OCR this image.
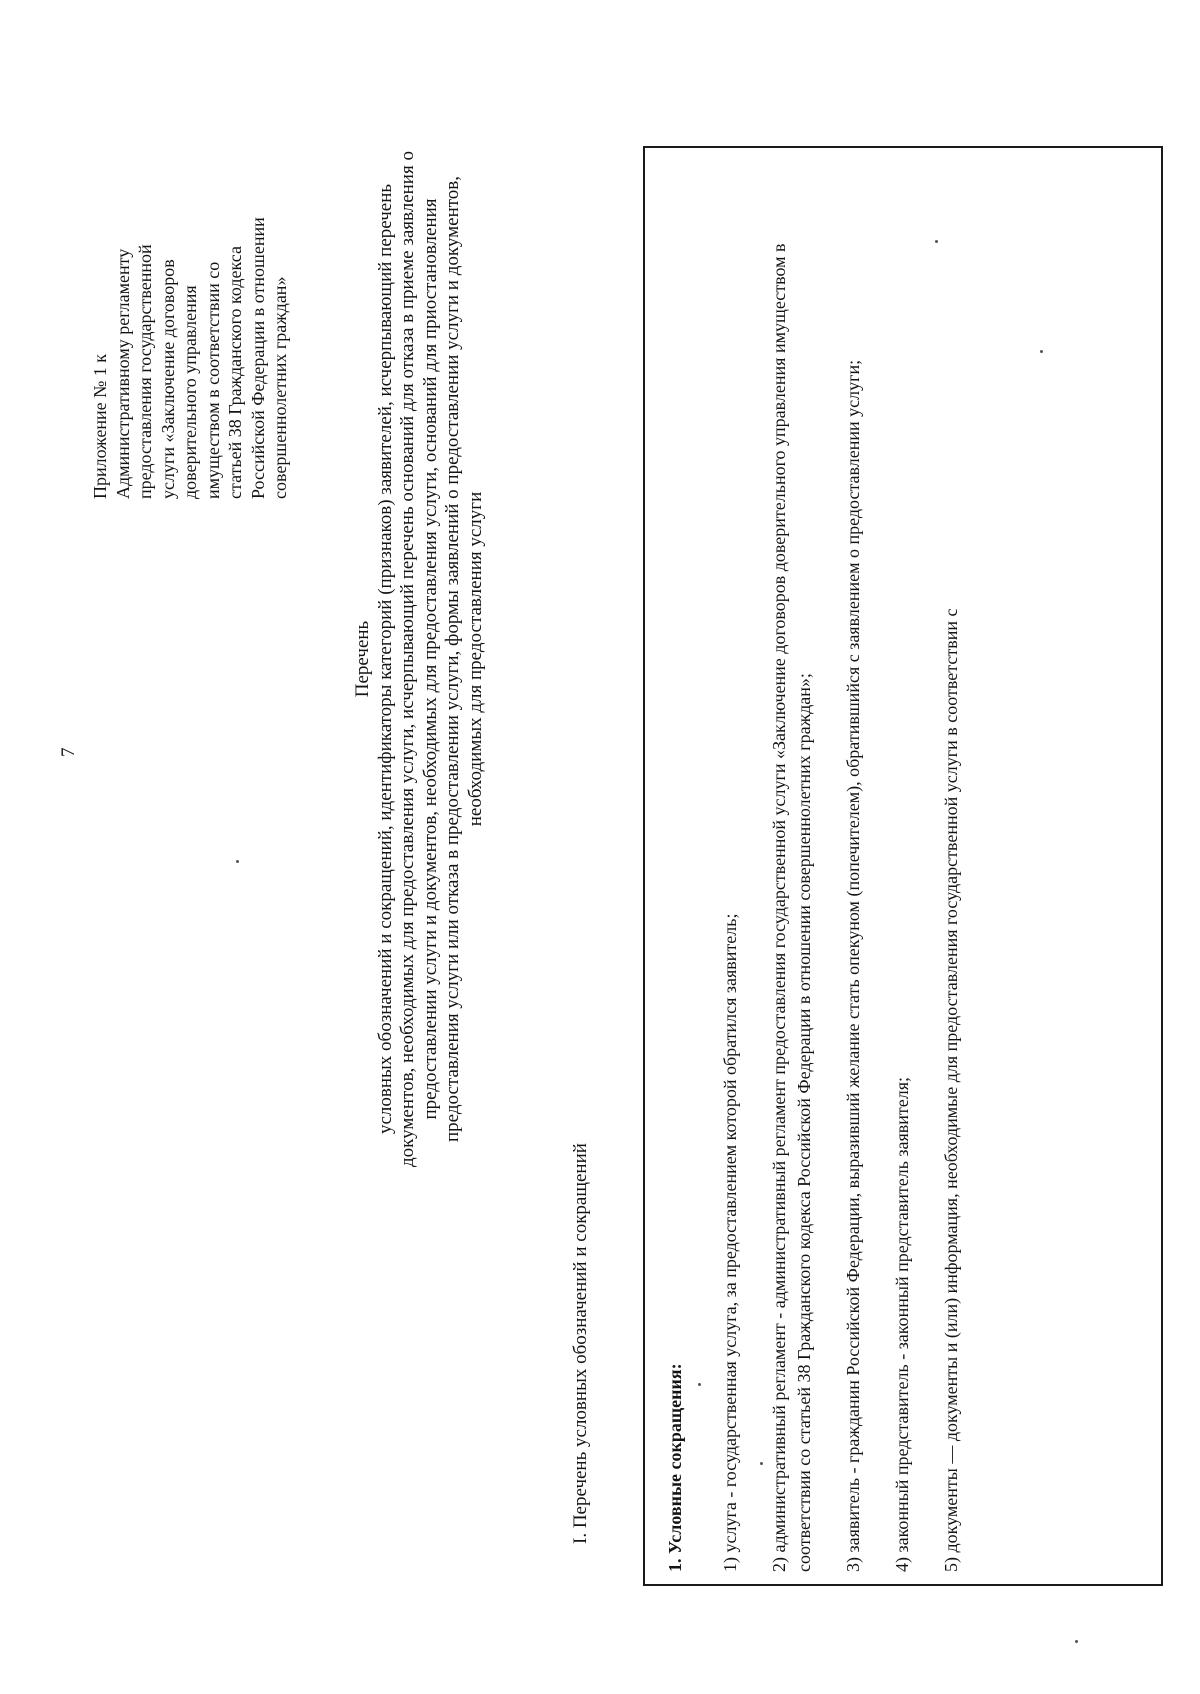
7

Приложение № 1 к Административному регламенту предоставления государственной услуги «Заключение договоров доверительного управления имуществом в соответствии со статьей 38 Гражданского кодекса Российской Федерации в отношении совершеннолетних граждан»

Перечень условных обозначений и сокращений, идентификаторы категорий (признаков) заявителей, исчерпывающий перечень документов, необходимых для предоставления услуги, исчерпывающий перечень оснований для отказа в приеме заявления о предоставлении услуги и документов, необходимых для предоставления услуги, оснований для приостановления предоставления услуги или отказа в предоставлении услуги, формы заявлений о предоставлении услуги и документов, необходимых для предоставления услуги

I. Перечень условных обозначений и сокращений	1. Условные сокращения: 1) услуга - государственная услуга, за предоставлением которой обратился заявитель; 2) административный регламент - административный регламент предоставления государственной услуги «Заключение договоров доверительного управления имуществом в соответствии со статьей 38 Гражданского кодекса Российской Федерации в отношении совершеннолетних граждан»; 3) заявитель - гражданин Российской Федерации, выразивший желание стать опекуном (попечителем), обратившийся с заявлением о предоставлении услуги; 4) законный представитель - законный представитель заявителя; 5) документы — документы и (или) информация, необходимые для предоставления государственной услуги в соответствии с
